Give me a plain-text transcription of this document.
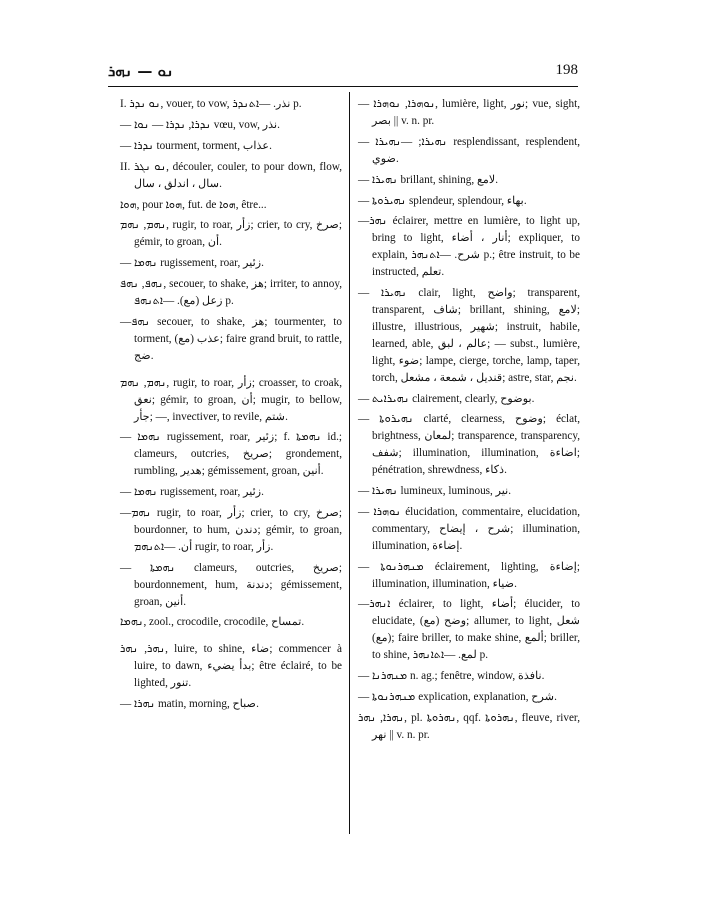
ܢܘ — ܢܗܪ	198
I. ܢܘ ܢܕܪ, vouer, to vow, نذر. —ܐܬܢܕܪ p.
— ܢܕܪܐ, ܢܕܪܐ — ܢܘܐ vœu, vow, نذر.
— ܢܕܪܐ tourment, torment, عذاب.
II. ܢܘ ܢܓܪ, découler, couler, to pour down, flow, سال ، اندلق ، سال.
ܗܘܐ, pour ܗܘܐ, fut. de ܗܘܐ, être...
ܢܗܡ, ܢܗܡ, rugir, to roar, زأر; crier, to cry, صرخ; gémir, to groan, أن.
— ܢܗܡܐ rugissement, roar, زئير.
ܢܗܦ, ܢܗܦ, secouer, to shake, هز; irriter, to annoy, زعل (مع). —ܐܬܢܗܦ p.
—ܢܗܦ secouer, to shake, هز; tourmenter, to torment, عذب (مع); faire grand bruit, to rattle, ضج.
ܢܗܡ, ܢܗܡ, rugir, to roar, زأر; croasser, to croak, نعق; gémir, to groan, أن; mugir, to bellow, جأر; —, invectiver, to revile, شتم.
— ܢܗܡܐ rugissement, roar, زئير; f. ܢܗܡܬܐ id.; clameurs, outcries, صريخ; grondement, rumbling, هدير; gémissement, groan, أنين.
— ܢܗܡܐ rugissement, roar, زئير.
—ܢܗܡ rugir, to roar, زأر; crier, to cry, صرخ; bourdonner, to hum, دندن; gémir, to groan, أن. —ܐܬܢܗܡ rugir, to roar, زأر.
— ܢܗܡܬܐ clameurs, outcries, صريخ; bourdonnement, hum, دندنة; gémissement, groan, أنين.
ܢܗܡܐ, zool., crocodile, crocodile, تمساح.
ܢܗܪ, ܢܗܪ, luire, to shine, ضاء; commencer à luire, to dawn, بدأ يضيء; être éclairé, to be lighted, تنور.
— ܢܗܪܐ matin, morning, صباح.
— ܢܘܗܪܐ, ܢܘܗܪܐ, lumière, light, نور; vue, sight, بصر || v. n. pr.
— ܢܗܝܪܐ; —ܢܗܝܪܐ resplendissant, resplendent, ضوي.
— ܢܗܝܪܐ brillant, shining, لامع.
— ܢܗܝܪܘܬܐ splendeur, splendour, بهاء.
—ܢܗܪ éclairer, mettre en lumière, to light up, bring to light, أنار ، أضاء; expliquer, to explain, شرح. —ܐܬܢܗܪ p.; être instruit, to be instructed, تعلم.
— ܢܗܝܪܐ clair, light, واضح; transparent, transparent, شاف; brillant, shining, لامع; illustre, illustrious, شهير; instruit, habile, learned, able, عالم ، لبق; — subst., lumière, light, ضوء; lampe, cierge, torche, lamp, taper, torch, قنديل ، شمعة ، مشعل; astre, star, نجم.
— ܢܗܝܪܐܝܬ clairement, clearly, بوضوح.
— ܢܗܝܪܘܬܐ clarté, clearness, وضوح; éclat, brightness, لمعان; transparence, transparency, شفف; illumination, illumination, اضاءة; pénétration, shrewdness, ذكاء.
— ܢܗܝܪܐ lumineux, luminous, نير.
— ܢܘܗܪܐ élucidation, commentaire, elucidation, commentary, شرح ، إيضاح; illumination, illumination, إضاءة.
— ܡܢܗܪܢܘܬܐ éclairement, lighting, إضاءة; illumination, illumination, ضياء.
—ܐܢܗܪ éclairer, to light, أضاء; élucider, to elucidate, وضح (مع); allumer, to light, شعل (مع); faire briller, to make shine, ألمع; briller, to shine, لمع. —ܐܬܐܢܗܪ p.
— ܡܢܗܪܢܐ n. ag.; fenêtre, window, نافذة.
— ܡܢܗܪܢܘܬܐ explication, explanation, شرح.
ܢܗܪܐ, ܢܗܪ, pl. ܢܗܪܘܬܐ, qqf. ܢܗܪܘܬܐ, fleuve, river, نهر || v. n. pr.
